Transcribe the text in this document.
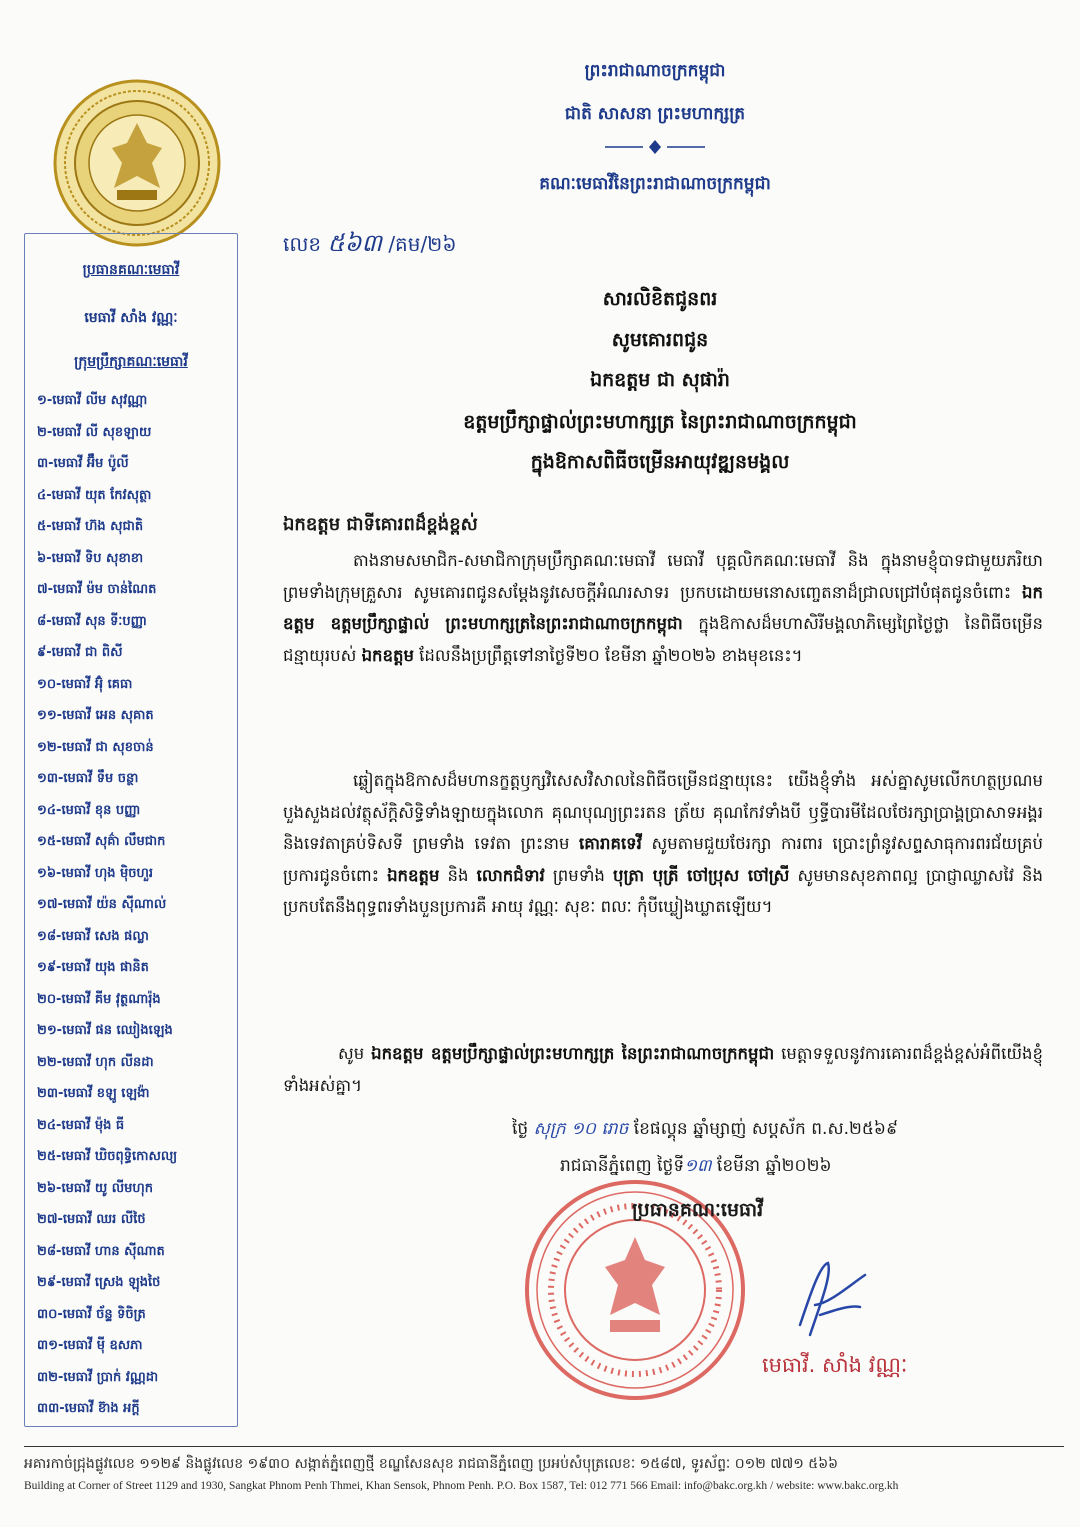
ប្រធានគណៈមេធាវី
មេធាវី សាំង វណ្ណៈ
ក្រុមប្រឹក្សាគណៈមេធាវី
១-មេធាវី លីម សុវណ្ណា
២-មេធាវី លី សុខឡាយ
៣-មេធាវី អ៊ឹម ប៉ូលី
៤-មេធាវី យុត កែវសុត្ថា
៥-មេធាវី ហ៊ង សុជាតិ
៦-មេធាវី ទិប សុខាខា
៧-មេធាវី ម៉ម ចាន់ណៃត
៨-មេធាវី សុន ទីៈបញ្ញា
៩-មេធាវី ជា ពិសី
១០-មេធាវី អ៊ុំ គេធា
១១-មេធាវី អេន សុគាត
១២-មេធាវី ជា សុខចាន់
១៣-មេធាវី ទឹម ចន្ថា
១៤-មេធាវី ខុន បញ្ញា
១៥-មេធាវី សុគ៌ា លឹមជាក
១៦-មេធាវី ហុង ម៉ិចហួរ
១៧-មេធាវី យ៉ន ស៊ីណាល់
១៨-មេធាវី សេង ផល្លា
១៩-មេធាវី យុង ផានិត
២០-មេធាវី គីម វុត្ថណារ៉ុង
២១-មេធាវី ផន ឈៀងឡេង
២២-មេធាវី ហុក លីនដា
២៣-មេធាវី ខឡូ ឡេង៉ា
២៤-មេធាវី ម៉ុង ធី
២៥-មេធាវី ឃិចពុទ្ធិកោសល្យ
២៦-មេធាវី យូ លីមហុក
២៧-មេធាវី ឈរ លីថៃ
២៨-មេធាវី ហាន ស៊ីណាត
២៩-មេធាវី ស្រេង ឡុងថៃ
៣០-មេធាវី ច័ន្ទ ទិចិត្រ
៣១-មេធាវី ម៉ី ឧសភា
៣២-មេធាវី ប្រាក់ វណ្ណដា
៣៣-មេធាវី ខ៊ាង អក្តី
ព្រះរាជាណាចក្រកម្ពុជា
ជាតិ សាសនា ព្រះមហាក្សត្រ
គណៈមេធាវីនៃព្រះរាជាណាចក្រកម្ពុជា
លេខ ៥៦៣ /គម/២៦
សារលិខិតជូនពរ
សូមគោរពជូន
ឯកឧត្តម ជា សុផារ៉ា
ឧត្តមប្រឹក្សាផ្ទាល់ព្រះមហាក្សត្រ នៃព្រះរាជាណាចក្រកម្ពុជា
ក្នុងឱកាសពិធីចម្រើនអាយុវឌ្ឍនមង្គល
ឯកឧត្តម ជាទីគោរពដ៏ខ្ពង់ខ្ពស់
តាងនាមសមាជិក-សមាជិកាក្រុមប្រឹក្សាគណៈមេធាវី មេធាវី បុគ្គលិកគណៈមេធាវី និង ក្នុងនាមខ្ញុំបាទជាមួយភរិយា ព្រមទាំងក្រុមគ្រួសារ សូមគោរពជូនសម្តែងនូវសេចក្តីអំណរសាទរ ប្រកបដោយមនោសញ្ចេតនាដ៏ជ្រាលជ្រៅបំផុតជូនចំពោះ ឯកឧត្តម ឧត្តមប្រឹក្សាផ្ទាល់ ព្រះមហាក្សត្រនៃព្រះរាជាណាចក្រកម្ពុជា ក្នុងឱកាសដ៏មហាសិរីមង្គលាភិម្សេព្រៃថ្ងៃថ្លា នៃពិធីចម្រើនជន្មាយុរបស់ ឯកឧត្តម ដែលនឹងប្រព្រឹត្តទៅនាថ្ងៃទី២០ ខែមីនា ឆ្នាំ២០២៦ ខាងមុខនេះ។
ឆ្លៀតក្នុងឱកាសដ៏មហានក្ខត្តឫក្សវិសេសវិសាលនៃពិធីចម្រើនជន្មាយុនេះ យើងខ្ញុំទាំង អស់គ្នាសូមលើកហត្ថប្រណមបួងសួងដល់វត្ថុស័ក្តិសិទ្ធិទាំងឡាយក្នុងលោក គុណបុណ្យព្រះរតន ត្រ័យ គុណកែវទាំងបី ឫទ្ធីបារមីដែលថែរក្សាប្រាង្គប្រាសាទអង្គរ និងទេវតាគ្រប់ទិសទី ព្រមទាំង ទេវតា ព្រះនាម គោរាគទេវី សូមតាមជួយថែរក្សា ការពារ ប្រោះព្រំនូវសព្ទសាធុការពរជ័យគ្រប់ ប្រការជូនចំពោះ ឯកឧត្តម និង លោកជំទាវ ព្រមទាំង បុត្រា បុត្រី ចៅប្រុស ចៅស្រី សូមមានសុខភាពល្អ ប្រាជ្ញាឈ្លាសវៃ និងប្រកបតែនឹងពុទ្ធពរទាំងបួនប្រការគឺ អាយុ វណ្ណៈ សុខៈ ពលៈ កុំបីឃ្លៀងឃ្លាតឡើយ។
សូម ឯកឧត្តម ឧត្តមប្រឹក្សាផ្ទាល់ព្រះមហាក្សត្រ នៃព្រះរាជាណាចក្រកម្ពុជា មេត្តាទទួលនូវការគោរពដ៏ខ្ពង់ខ្ពស់អំពីយើងខ្ញុំទាំងអស់គ្នា។
ថ្ងៃ សុក្រ ១០ រោច ខែផល្គុន ឆ្នាំម្សាញ់ សប្តស័ក ព.ស.២៥៦៩
រាជធានីភ្នំពេញ ថ្ងៃទី១៣ ខែមីនា ឆ្នាំ២០២៦
ប្រធានគណៈមេធាវី
មេធាវី. សាំង វណ្ណៈ
អគារកាច់ជ្រុងផ្លូវលេខ ១១២៩ និងផ្លូវលេខ ១៩៣០ សង្កាត់ភ្នំពេញថ្មី ខណ្ឌសែនសុខ រាជធានីភ្នំពេញ ប្រអប់សំបុត្រលេខៈ ១៥៨៧, ទូរស័ព្ទៈ ០១២ ៧៧១ ៥៦៦
Building at Corner of Street 1129 and 1930, Sangkat Phnom Penh Thmei, Khan Sensok, Phnom Penh. P.O. Box 1587, Tel: 012 771 566 Email: info@bakc.org.kh / website: www.bakc.org.kh
